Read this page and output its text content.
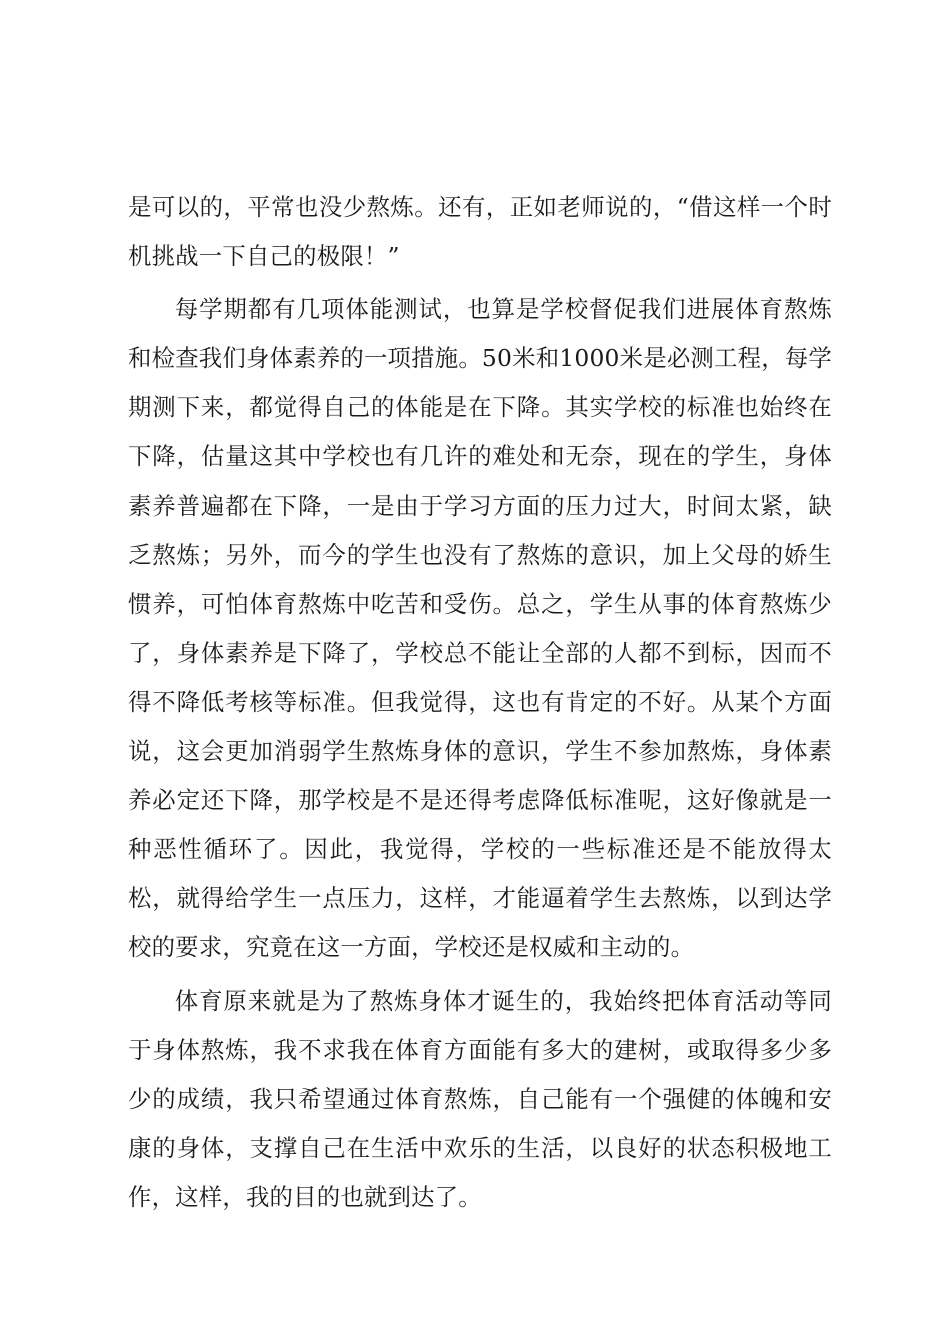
是可以的，平常也没少熬炼。还有，正如老师说的，“借这样一个时机挑战一下自己的极限！”

每学期都有几项体能测试，也算是学校督促我们进展体育熬炼和检查我们身体素养的一项措施。50米和1000米是必测工程，每学期测下来，都觉得自己的体能是在下降。其实学校的标准也始终在下降，估量这其中学校也有几许的难处和无奈，现在的学生，身体素养普遍都在下降，一是由于学习方面的压力过大，时间太紧，缺乏熬炼；另外，而今的学生也没有了熬炼的意识，加上父母的娇生惯养，可怕体育熬炼中吃苦和受伤。总之，学生从事的体育熬炼少了，身体素养是下降了，学校总不能让全部的人都不到标，因而不得不降低考核等标准。但我觉得，这也有肯定的不好。从某个方面说，这会更加消弱学生熬炼身体的意识，学生不参加熬炼，身体素养必定还下降，那学校是不是还得考虑降低标准呢，这好像就是一种恶性循环了。因此，我觉得，学校的一些标准还是不能放得太松，就得给学生一点压力，这样，才能逼着学生去熬炼，以到达学校的要求，究竟在这一方面，学校还是权威和主动的。

体育原来就是为了熬炼身体才诞生的，我始终把体育活动等同于身体熬炼，我不求我在体育方面能有多大的建树，或取得多少多少的成绩，我只希望通过体育熬炼，自己能有一个强健的体魄和安康的身体，支撑自己在生活中欢乐的生活，以良好的状态积极地工作，这样，我的目的也就到达了。
